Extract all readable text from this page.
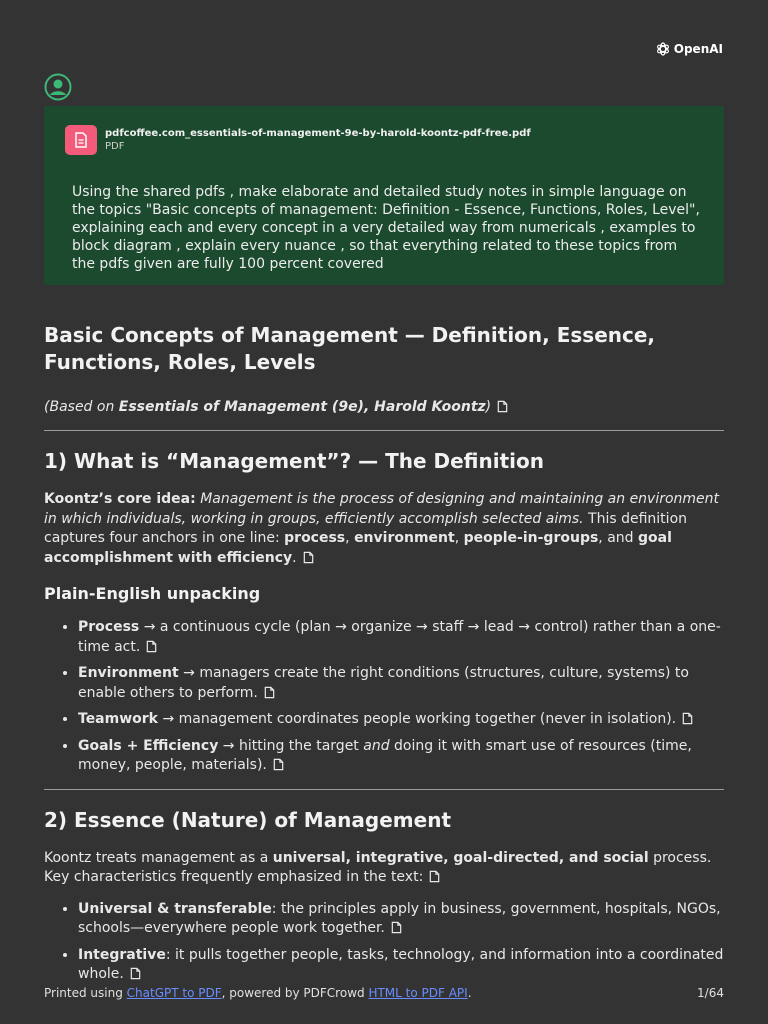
OpenAI
pdfcoffee.com_essentials-of-management-9e-by-harold-koontz-pdf-free.pdf
PDF
Using the shared pdfs , make elaborate and detailed study notes in simple language on the topics "Basic concepts of management: Definition - Essence, Functions, Roles, Level", explaining each and every concept in a very detailed way from numericals , examples to block diagram , explain every nuance , so that everything related to these topics from the pdfs given are fully 100 percent covered
Basic Concepts of Management — Definition, Essence, Functions, Roles, Levels

(Based on Essentials of Management (9e), Harold Koontz)

1) What is “Management”? — The Definition

Koontz’s core idea: Management is the process of designing and maintaining an environment in which individuals, working in groups, efficiently accomplish selected aims. This definition captures four anchors in one line: process, environment, people-in-groups, and goal accomplishment with efficiency.

Plain-English unpacking
• Process → a continuous cycle (plan → organize → staff → lead → control) rather than a one-time act.
• Environment → managers create the right conditions (structures, culture, systems) to enable others to perform.
• Teamwork → management coordinates people working together (never in isolation).
• Goals + Efficiency → hitting the target and doing it with smart use of resources (time, money, people, materials).
2) Essence (Nature) of Management

Koontz treats management as a universal, integrative, goal-directed, and social process. Key characteristics frequently emphasized in the text:

• Universal & transferable: the principles apply in business, government, hospitals, NGOs, schools—everywhere people work together.
• Integrative: it pulls together people, tasks, technology, and information into a coordinated whole.
Printed using ChatGPT to PDF, powered by PDFCrowd HTML to PDF API.	1/64
